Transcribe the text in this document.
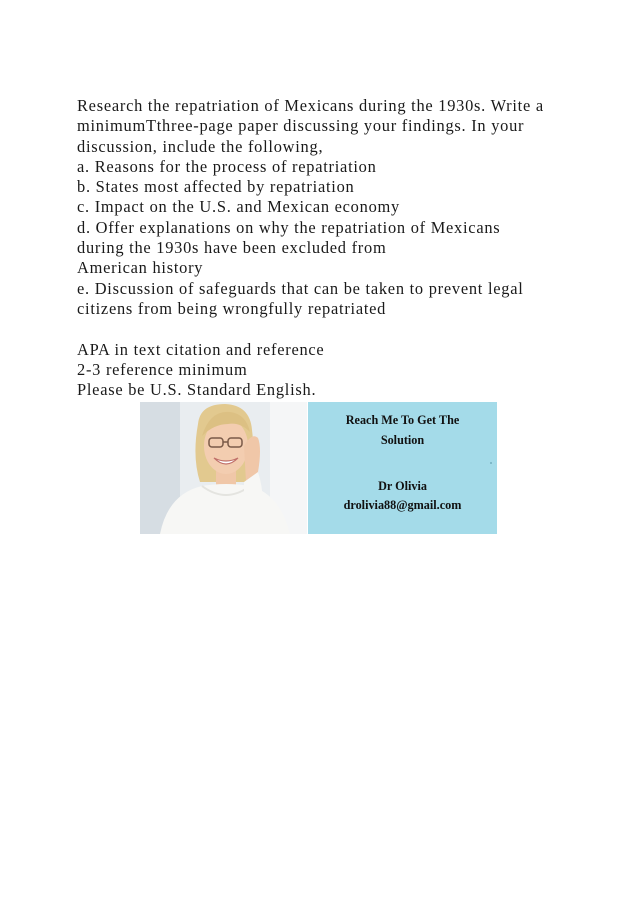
Research the repatriation of Mexicans during the 1930s. Write a
minimumTthree-page paper discussing your findings. In your
discussion, include the following,
a. Reasons for the process of repatriation
b. States most affected by repatriation
c. Impact on the U.S. and Mexican economy
d. Offer explanations on why the repatriation of Mexicans
during the 1930s have been excluded from
American history
e. Discussion of safeguards that can be taken to prevent legal
citizens from being wrongfully repatriated
APA in text citation and reference
2-3 reference minimum
Please be U.S. Standard English.
Reach Me To Get The
Solution
Dr Olivia
drolivia88@gmail.com
